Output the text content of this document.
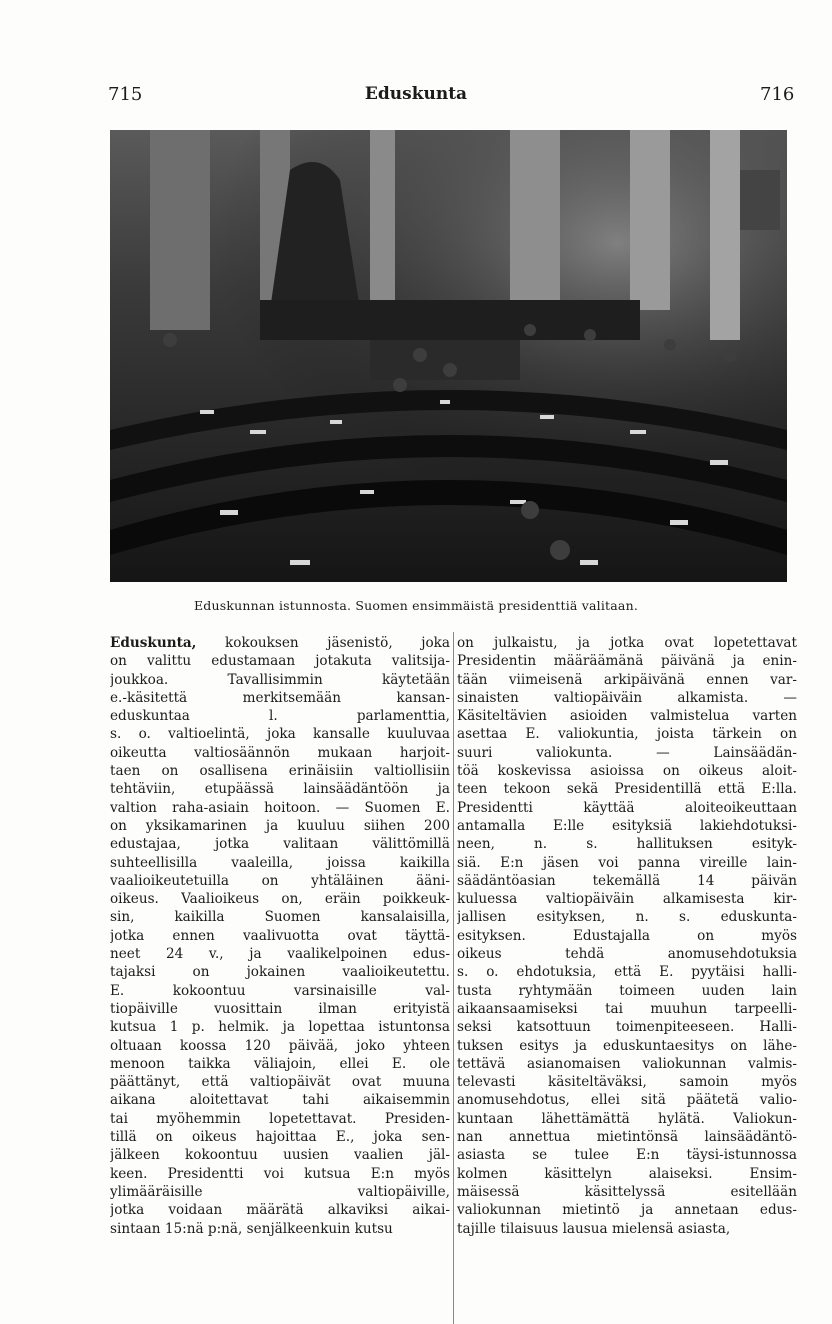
715	Eduskunta	716
Eduskunnan istunnosta. Suomen ensimmäistä presidenttiä valitaan.
Eduskunta, kokouksen jäsenistö, joka
on valittu edustamaan jotakuta valitsija-
joukkoa. Tavallisimmin käytetään
e.-käsitettä merkitsemään kansan-
eduskuntaa l. parlamenttia,
s. o. valtioelintä, joka kansalle kuuluvaa
oikeutta valtiosäännön mukaan harjoit-
taen on osallisena erinäisiin valtiollisiin
tehtäviin, etupäässä lainsäädäntöön ja
valtion raha-asiain hoitoon. — Suomen E.
on yksikamarinen ja kuuluu siihen 200
edustajaa, jotka valitaan välittömillä
suhteellisilla vaaleilla, joissa kaikilla
vaalioikeutetuilla on yhtäläinen ääni-
oikeus. Vaalioikeus on, eräin poikkeuk-
sin, kaikilla Suomen kansalaisilla,
jotka ennen vaalivuotta ovat täyttä-
neet 24 v., ja vaalikelpoinen edus-
tajaksi on jokainen vaalioikeutettu.
E. kokoontuu varsinaisille val-
tiopäiville vuosittain ilman erityistä
kutsua 1 p. helmik. ja lopettaa istuntonsa
oltuaan koossa 120 päivää, joko yhteen
menoon taikka väliajoin, ellei E. ole
päättänyt, että valtiopäivät ovat muuna
aikana aloitettavat tahi aikaisemmin
tai myöhemmin lopetettavat. Presiden-
tillä on oikeus hajoittaa E., joka sen-
jälkeen kokoontuu uusien vaalien jäl-
keen. Presidentti voi kutsua E:n myös
ylimääräisille valtiopäiville,
jotka voidaan määrätä alkaviksi aikai-
sintaan 15:nä p:nä, senjälkeenkuin kutsu
on julkaistu, ja jotka ovat lopetettavat
Presidentin määräämänä päivänä ja enin-
tään viimeisenä arkipäivänä ennen var-
sinaisten valtiopäiväin alkamista. —
Käsiteltävien asioiden valmistelua varten
asettaa E. valiokuntia, joista tärkein on
suuri valiokunta. — Lainsäädän-
töä koskevissa asioissa on oikeus aloit-
teen tekoon sekä Presidentillä että E:lla.
Presidentti käyttää aloiteoikeuttaan
antamalla E:lle esityksiä lakiehdotuksi-
neen, n. s. hallituksen esityk-
siä. E:n jäsen voi panna vireille lain-
säädäntöasian tekemällä 14 päivän
kuluessa valtiopäiväin alkamisesta kir-
jallisen esityksen, n. s. eduskunta-
esityksen. Edustajalla on myös
oikeus tehdä anomusehdotuksia
s. o. ehdotuksia, että E. pyytäisi halli-
tusta ryhtymään toimeen uuden lain
aikaansaamiseksi tai muuhun tarpeelli-
seksi katsottuun toimenpiteeseen. Halli-
tuksen esitys ja eduskuntaesitys on lähe-
tettävä asianomaisen valiokunnan valmis-
televasti käsiteltäväksi, samoin myös
anomusehdotus, ellei sitä päätetä valio-
kuntaan lähettämättä hylätä. Valiokun-
nan annettua mietintönsä lainsäädäntö-
asiasta se tulee E:n täysi-istunnossa
kolmen käsittelyn alaiseksi. Ensim-
mäisessä käsittelyssä esitellään
valiokunnan mietintö ja annetaan edus-
tajille tilaisuus lausua mielensä asiasta,
